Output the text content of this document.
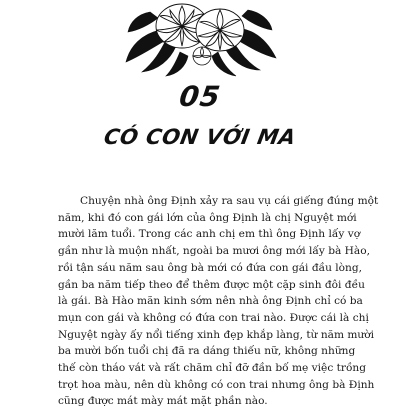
05
CÓ CON VỚI MA
Chuyện nhà ông Định xảy ra sau vụ cái giếng đúng một
năm, khi đó con gái lớn của ông Định là chị Nguyệt mới
mười lăm tuổi. Trong các anh chị em thì ông Định lấy vợ
gần như là muộn nhất, ngoài ba mươi ông mới lấy bà Hào,
rồi tận sáu năm sau ông bà mới có đứa con gái đầu lòng,
gần ba năm tiếp theo để thêm được một cặp sinh đôi đều
là gái. Bà Hào mãn kinh sớm nên nhà ông Định chỉ có ba
mụn con gái và không có đứa con trai nào. Được cái là chị
Nguyệt ngày ấy nổi tiếng xinh đẹp khắp làng, từ năm mười
ba mười bốn tuổi chị đã ra dáng thiếu nữ, không những
thế còn tháo vát và rất chăm chỉ đỡ đần bố mẹ việc trồng
trọt hoa màu, nên dù không có con trai nhưng ông bà Định
cũng được mát mày mát mặt phần nào.
